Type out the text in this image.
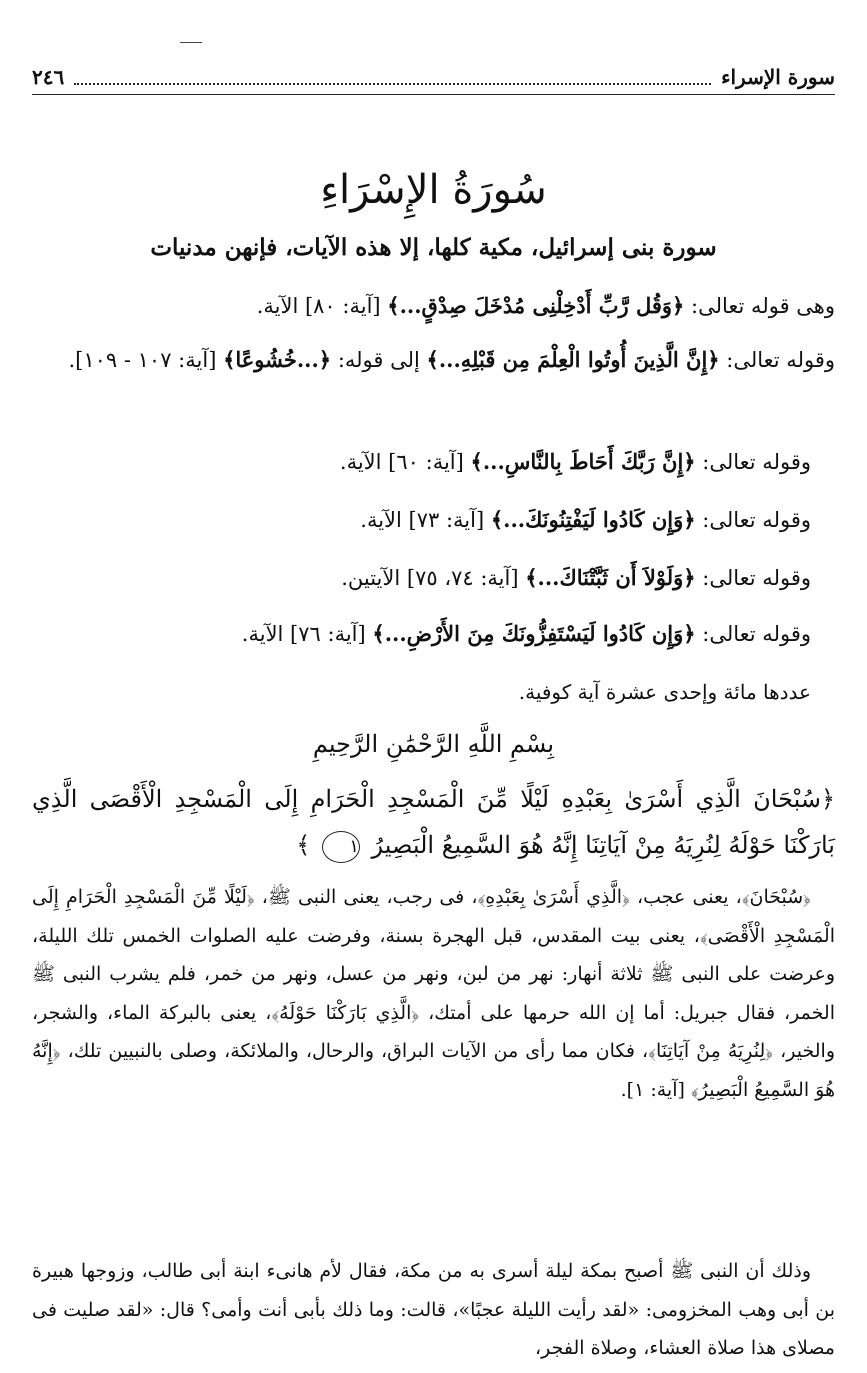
سورة الإسراء
٢٤٦
سُورَةُ الإِسْرَاءِ
سورة بنى إسرائيل، مكية كلها، إلا هذه الآيات، فإنهن مدنيات
وهى قوله تعالى: ﴿وَقُل رَّبِّ أَدْخِلْنِى مُدْخَلَ صِدْقٍ...﴾ [آية: ٨٠] الآية.
وقوله تعالى: ﴿إِنَّ الَّذِينَ أُوتُوا الْعِلْمَ مِن قَبْلِهِ...﴾ إلى قوله: ﴿...خُشُوعًا﴾ [آية: ١٠٧ - ١٠٩].
وقوله تعالى: ﴿إِنَّ رَبَّكَ أَحَاطَ بِالنَّاسِ...﴾ [آية: ٦٠] الآية.
وقوله تعالى: ﴿وَإِن كَادُوا لَيَفْتِنُونَكَ...﴾ [آية: ٧٣] الآية.
وقوله تعالى: ﴿وَلَوْلاَ أَن ثَبَّتْنَاكَ...﴾ [آية: ٧٤، ٧٥] الآيتين.
وقوله تعالى: ﴿وَإِن كَادُوا لَيَسْتَفِزُّونَكَ مِنَ الأَرْضِ...﴾ [آية: ٧٦] الآية.
عددها مائة وإحدى عشرة آية كوفية.
بِسْمِ اللَّهِ الرَّحْمَٰنِ الرَّحِيمِ
﴿سُبْحَانَ الَّذِي أَسْرَىٰ بِعَبْدِهِ لَيْلًا مِّنَ الْمَسْجِدِ الْحَرَامِ إِلَى الْمَسْجِدِ الْأَقْصَى الَّذِي بَارَكْنَا حَوْلَهُ لِنُرِيَهُ مِنْ آيَاتِنَا إِنَّهُ هُوَ السَّمِيعُ الْبَصِيرُ ١ ﴾
﴿سُبْحَانَ﴾، يعنى عجب، ﴿الَّذِي أَسْرَىٰ بِعَبْدِهِ﴾، فى رجب، يعنى النبى ﷺ، ﴿لَيْلًا مِّنَ الْمَسْجِدِ الْحَرَامِ إِلَى الْمَسْجِدِ الْأَقْصَى﴾، يعنى بيت المقدس، قبل الهجرة بسنة، وفرضت عليه الصلوات الخمس تلك الليلة، وعرضت على النبى ﷺ ثلاثة أنهار: نهر من لبن، ونهر من عسل، ونهر من خمر، فلم يشرب النبى ﷺ الخمر، فقال جبريل: أما إن الله حرمها على أمتك، ﴿الَّذِي بَارَكْنَا حَوْلَهُ﴾، يعنى بالبركة الماء، والشجر، والخير، ﴿لِنُرِيَهُ مِنْ آيَاتِنَا﴾، فكان مما رأى من الآيات البراق، والرحال، والملائكة، وصلى بالنبيين تلك، ﴿إِنَّهُ هُوَ السَّمِيعُ الْبَصِيرُ﴾ [آية: ١].
وذلك أن النبى ﷺ أصبح بمكة ليلة أسرى به من مكة، فقال لأم هانىء ابنة أبى طالب، وزوجها هبيرة بن أبى وهب المخزومى: «لقد رأيت الليلة عجبًا»، قالت: وما ذلك بأبى أنت وأمى؟ قال: «لقد صليت فى مصلاى هذا صلاة العشاء، وصلاة الفجر،
